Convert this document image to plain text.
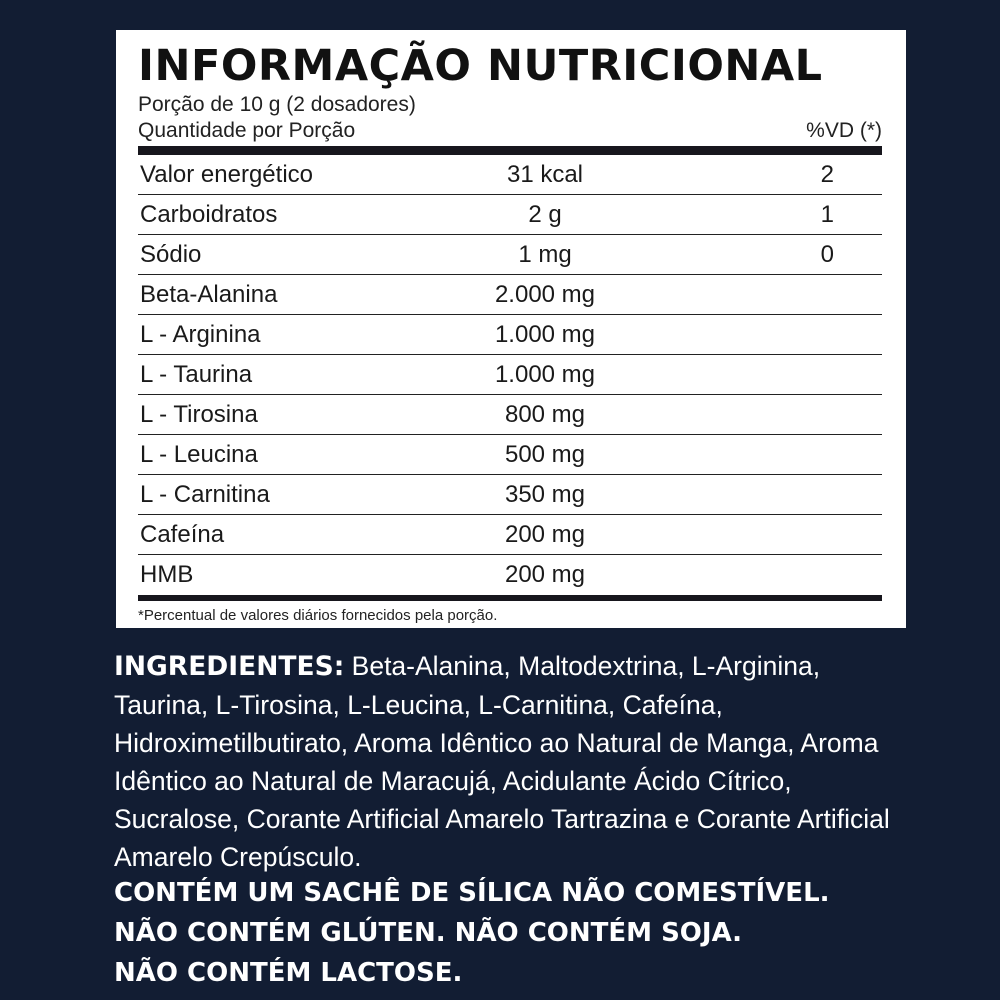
INFORMAÇÃO NUTRICIONAL
Porção de 10 g (2 dosadores)
Quantidade por Porção	%VD (*)
Valor energético	31 kcal	2
Carboidratos	2 g	1
Sódio	1 mg	0
Beta-Alanina	2.000 mg
L - Arginina	1.000 mg
L - Taurina	1.000 mg
L - Tirosina	800 mg
L - Leucina	500 mg
L - Carnitina	350 mg
Cafeína	200 mg
HMB	200 mg
*Percentual de valores diários fornecidos pela porção.
INGREDIENTES: Beta-Alanina, Maltodextrina, L-Arginina, Taurina, L-Tirosina, L-Leucina, L-Carnitina, Cafeína, Hidroximetilbutirato, Aroma Idêntico ao Natural de Manga, Aroma Idêntico ao Natural de Maracujá, Acidulante Ácido Cítrico, Sucralose, Corante Artificial Amarelo Tartrazina e Corante Artificial Amarelo Crepúsculo.
CONTÉM UM SACHÊ DE SÍLICA NÃO COMESTÍVEL.
NÃO CONTÉM GLÚTEN. NÃO CONTÉM SOJA.
NÃO CONTÉM LACTOSE.
